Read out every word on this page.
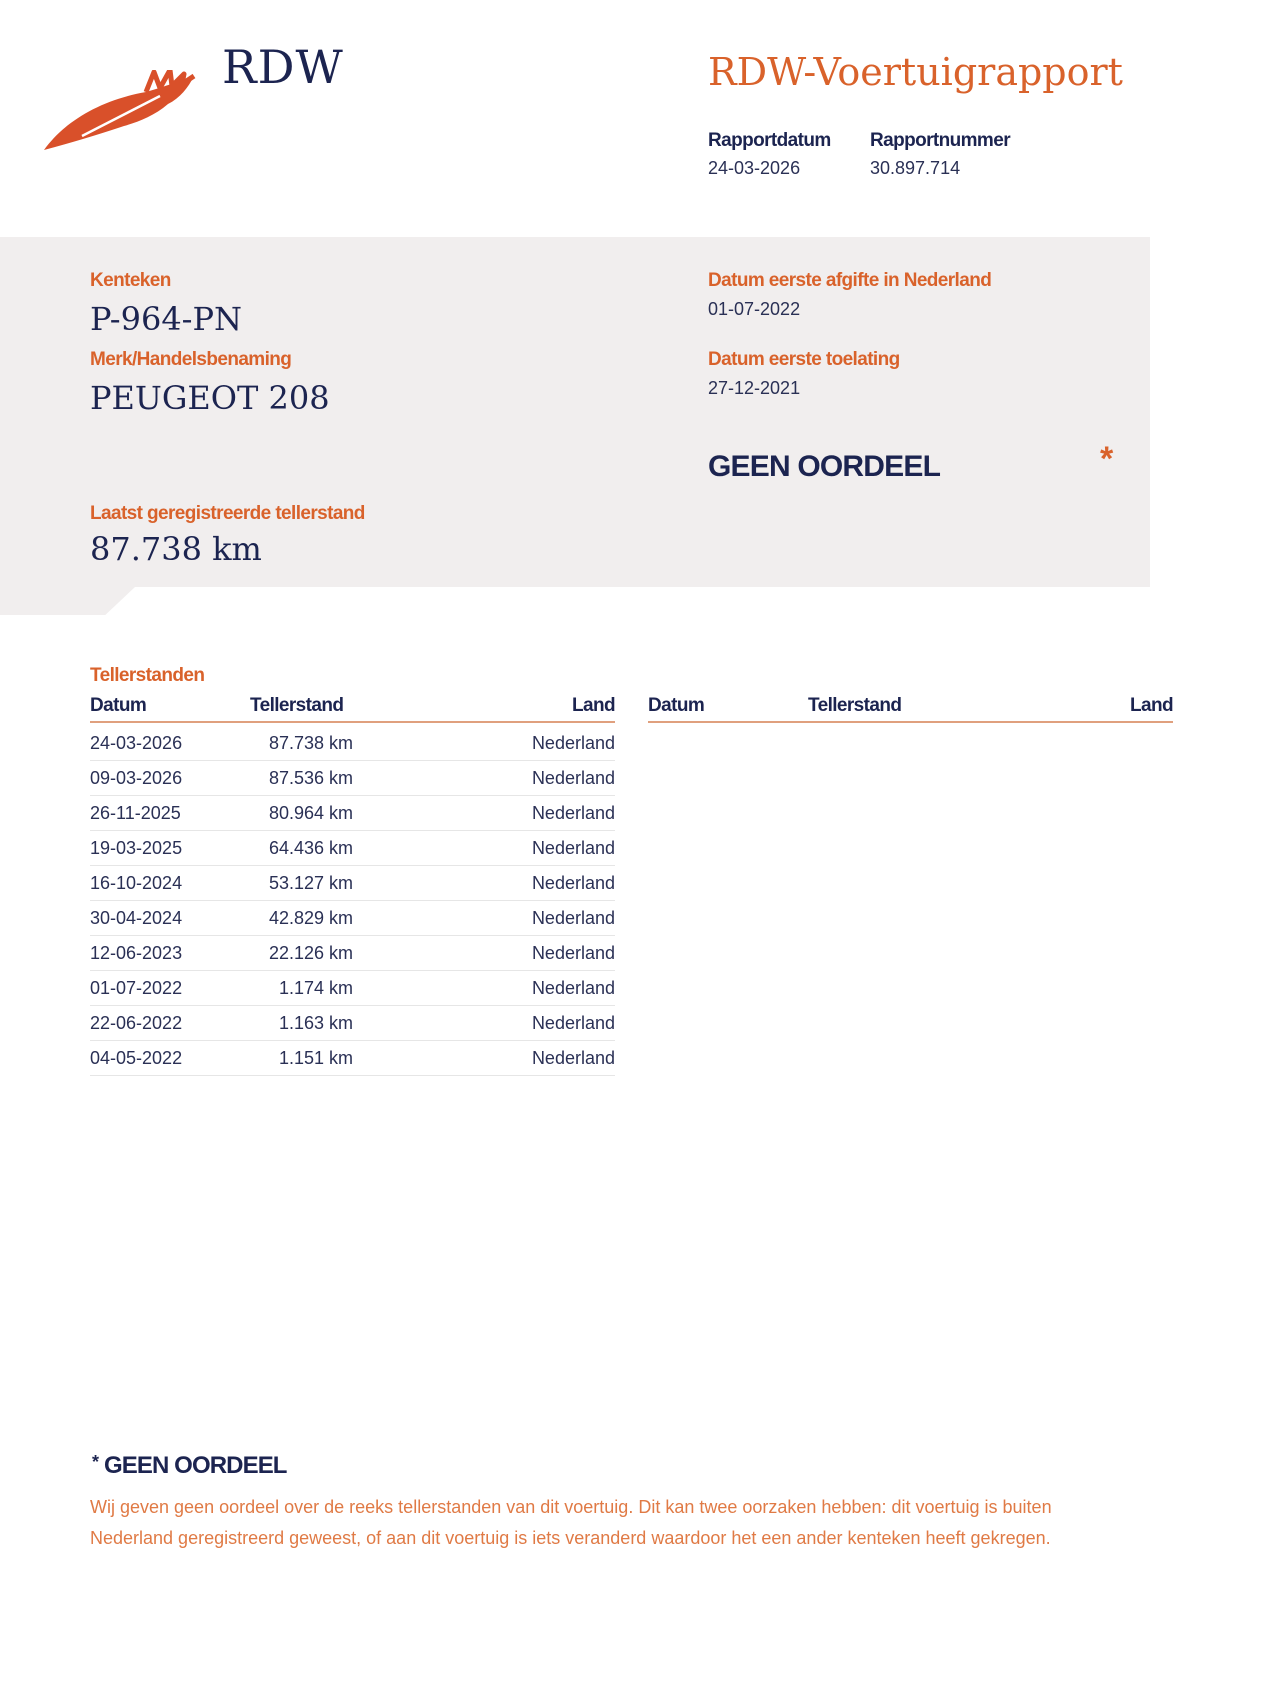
RDW	RDW-Voertuigrapport
Rapportdatum
24-03-2026
Rapportnummer
30.897.714
Kenteken
P-964-PN
Merk/Handelsbenaming
PEUGEOT 208
Datum eerste afgifte in Nederland
01-07-2022
Datum eerste toelating
27-12-2021
GEEN OORDEEL	*
Laatst geregistreerde tellerstand
87.738 km
Tellerstanden
Datum	Tellerstand	Land Datum	Tellerstand	Land
24-03-2026	87.738 km	Nederland
09-03-2026	87.536 km	Nederland
26-11-2025	80.964 km	Nederland
19-03-2025	64.436 km	Nederland
16-10-2024	53.127 km	Nederland
30-04-2024	42.829 km	Nederland
12-06-2023	22.126 km	Nederland
01-07-2022	1.174 km	Nederland
22-06-2022	1.163 km	Nederland
04-05-2022	1.151 km	Nederland
* GEEN OORDEEL
Wij geven geen oordeel over de reeks tellerstanden van dit voertuig. Dit kan twee oorzaken hebben: dit voertuig is buiten Nederland geregistreerd geweest, of aan dit voertuig is iets veranderd waardoor het een ander kenteken heeft gekregen.
